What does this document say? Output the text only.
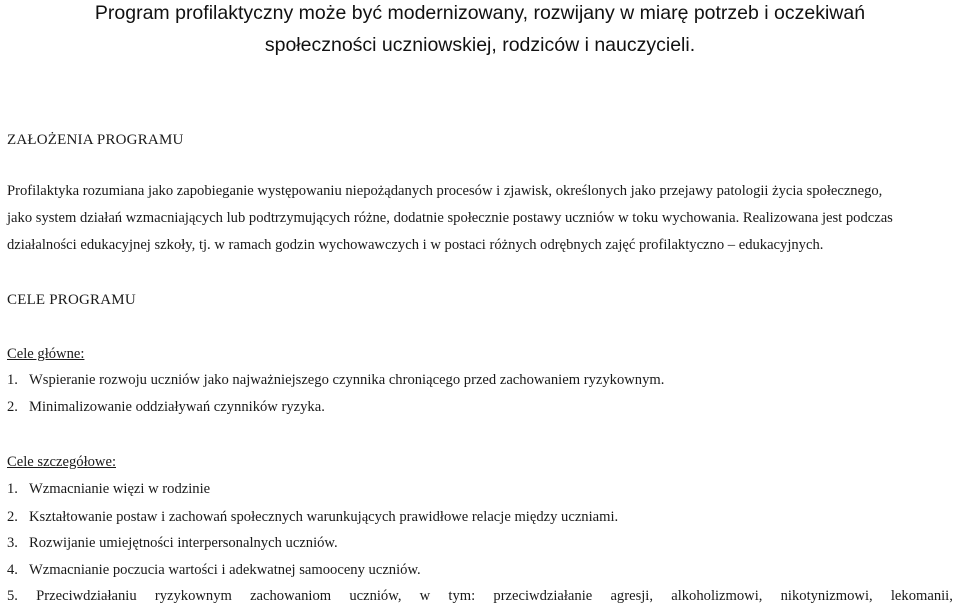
Program profilaktyczny może być modernizowany, rozwijany w miarę potrzeb i oczekiwań
społeczności uczniowskiej, rodziców i nauczycieli.
ZAŁOŻENIA PROGRAMU
Profilaktyka rozumiana jako zapobieganie występowaniu niepożądanych procesów i zjawisk, określonych jako przejawy patologii życia społecznego,
jako system działań wzmacniających lub podtrzymujących różne, dodatnie społecznie postawy uczniów w toku wychowania. Realizowana jest podczas
działalności edukacyjnej szkoły, tj. w ramach godzin wychowawczych i w postaci różnych odrębnych zajęć profilaktyczno – edukacyjnych.
CELE PROGRAMU
Cele główne:
1. Wspieranie rozwoju uczniów jako najważniejszego czynnika chroniącego przed zachowaniem ryzykownym.
2. Minimalizowanie oddziaływań czynników ryzyka.
Cele szczegółowe:
1. Wzmacnianie więzi w rodzinie
2. Kształtowanie postaw i zachowań społecznych warunkujących prawidłowe relacje między uczniami.
3. Rozwijanie umiejętności interpersonalnych uczniów.
4. Wzmacnianie poczucia wartości i adekwatnej samooceny uczniów.
5. Przeciwdziałaniu ryzykownym zachowaniom uczniów, w tym: przeciwdziałanie agresji, alkoholizmowi, nikotynizmowi, lekomanii,
